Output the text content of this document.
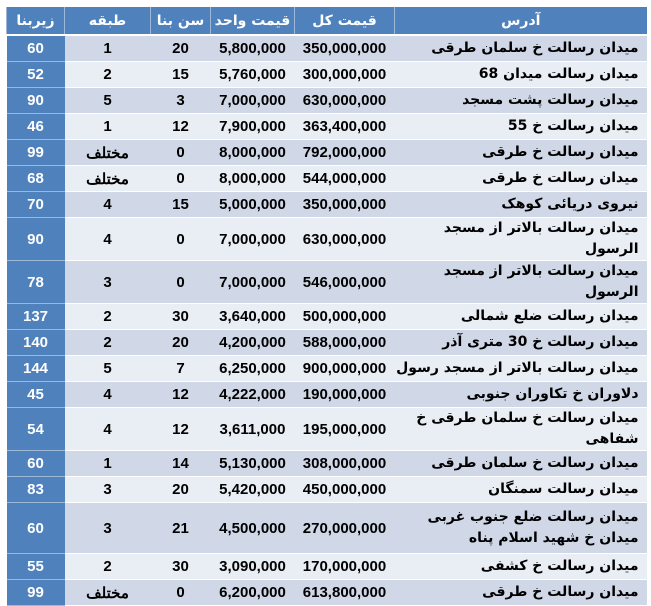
آدرس	قیمت کل	قیمت واحد	سن بنا	طبقه	زیربنا
میدان رسالت خ سلمان طرقی	350,000,000	5,800,000	20	1	60
میدان رسالت میدان 68	300,000,000	5,760,000	15	2	52
میدان رسالت پشت مسجد	630,000,000	7,000,000	3	5	90
میدان رسالت خ 55	363,400,000	7,900,000	12	1	46
میدان رسالت خ طرقی	792,000,000	8,000,000	0	مختلف	99
میدان رسالت خ طرقی	544,000,000	8,000,000	0	مختلف	68
نیروی دریائی کوهک	350,000,000	5,000,000	15	4	70
میدان رسالت بالاتر از مسجد الرسول	630,000,000	7,000,000	0	4	90
میدان رسالت بالاتر از مسجد الرسول	546,000,000	7,000,000	0	3	78
میدان رسالت ضلع شمالی	500,000,000	3,640,000	30	2	137
میدان رسالت خ 30 متری آذر	588,000,000	4,200,000	20	2	140
میدان رسالت بالاتر از مسجد رسول	900,000,000	6,250,000	7	5	144
دلاوران خ تکاوران جنوبی	190,000,000	4,222,000	12	4	45
میدان رسالت خ سلمان طرقی خ شفاهی	195,000,000	3,611,000	12	4	54
میدان رسالت خ سلمان طرقی	308,000,000	5,130,000	14	1	60
میدان رسالت سمنگان	450,000,000	5,420,000	20	3	83
میدان رسالت ضلع جنوب غربی میدان خ شهید اسلام پناه	270,000,000	4,500,000	21	3	60
میدان رسالت خ کشفی	170,000,000	3,090,000	30	2	55
میدان رسالت خ طرقی	613,800,000	6,200,000	0	مختلف	99
